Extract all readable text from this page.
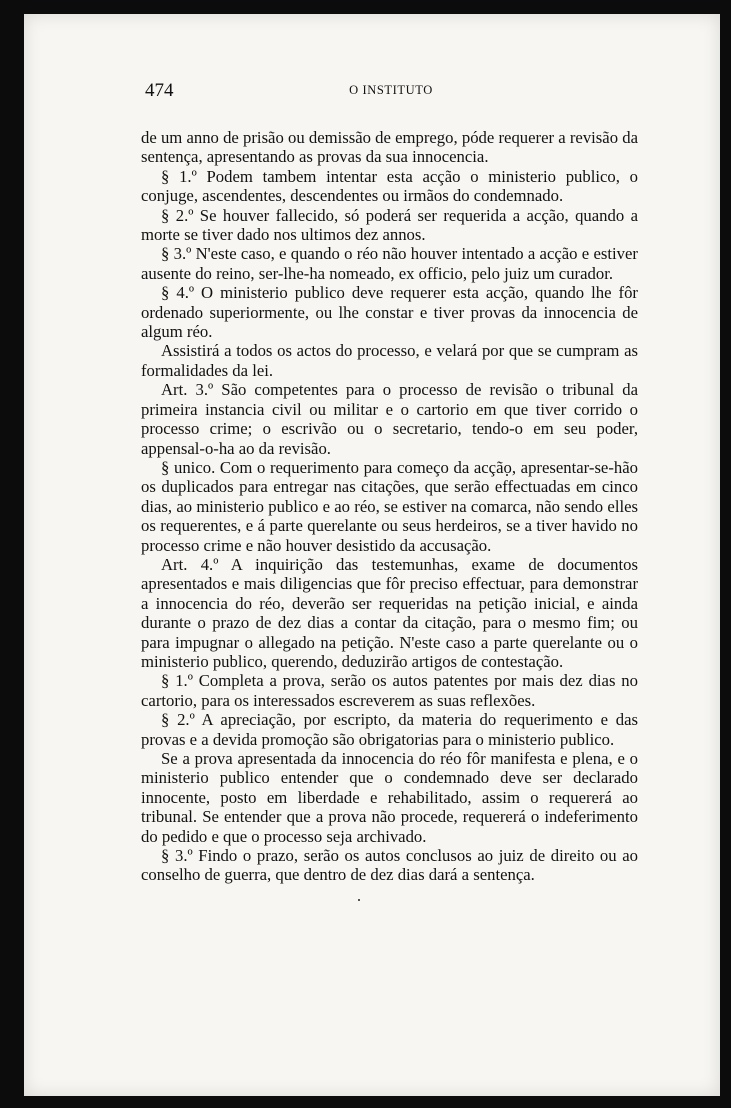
474	O INSTITUTO

de um anno de prisão ou demissão de emprego, póde requerer a revisão da sentença, apresentando as provas da sua innocencia.

§ 1.º Podem tambem intentar esta acção o ministerio publico, o conjuge, ascendentes, descendentes ou irmãos do condemnado.

§ 2.º Se houver fallecido, só poderá ser requerida a acção, quando a morte se tiver dado nos ultimos dez annos.

§ 3.º N'este caso, e quando o réo não houver intentado a acção e estiver ausente do reino, ser-lhe-ha nomeado, ex officio, pelo juiz um curador.

§ 4.º O ministerio publico deve requerer esta acção, quando lhe fôr ordenado superiormente, ou lhe constar e tiver provas da innocencia de algum réo.

Assistirá a todos os actos do processo, e velará por que se cumpram as formalidades da lei.

Art. 3.º São competentes para o processo de revisão o tribunal da primeira instancia civil ou militar e o cartorio em que tiver corrido o processo crime; o escrivão ou o secretario, tendo-o em seu poder, appensal-o-ha ao da revisão.

§ unico. Com o requerimento para começo da acção, apresentar-se-hão os duplicados para entregar nas citações, que serão effectuadas em cinco dias, ao ministerio publico e ao réo, se estiver na comarca, não sendo elles os requerentes, e á parte querelante ou seus herdeiros, se a tiver havido no processo crime e não houver desistido da accusação.

Art. 4.º A inquirição das testemunhas, exame de documentos apresentados e mais diligencias que fôr preciso effectuar, para demonstrar a innocencia do réo, deverão ser requeridas na petição inicial, e ainda durante o prazo de dez dias a contar da citação, para o mesmo fim; ou para impugnar o allegado na petição. N'este caso a parte querelante ou o ministerio publico, querendo, deduzirão artigos de contestação.

§ 1.º Completa a prova, serão os autos patentes por mais dez dias no cartorio, para os interessados escreverem as suas reflexões.

§ 2.º A apreciação, por escripto, da materia do requerimento e das provas e a devida promoção são obrigatorias para o ministerio publico.

Se a prova apresentada da innocencia do réo fôr manifesta e plena, e o ministerio publico entender que o condemnado deve ser declarado innocente, posto em liberdade e rehabilitado, assim o requererá ao tribunal. Se entender que a prova não procede, requererá o indeferimento do pedido e que o processo seja archivado.

§ 3.º Findo o prazo, serão os autos conclusos ao juiz de direito ou ao conselho de guerra, que dentro de dez dias dará a sentença.
